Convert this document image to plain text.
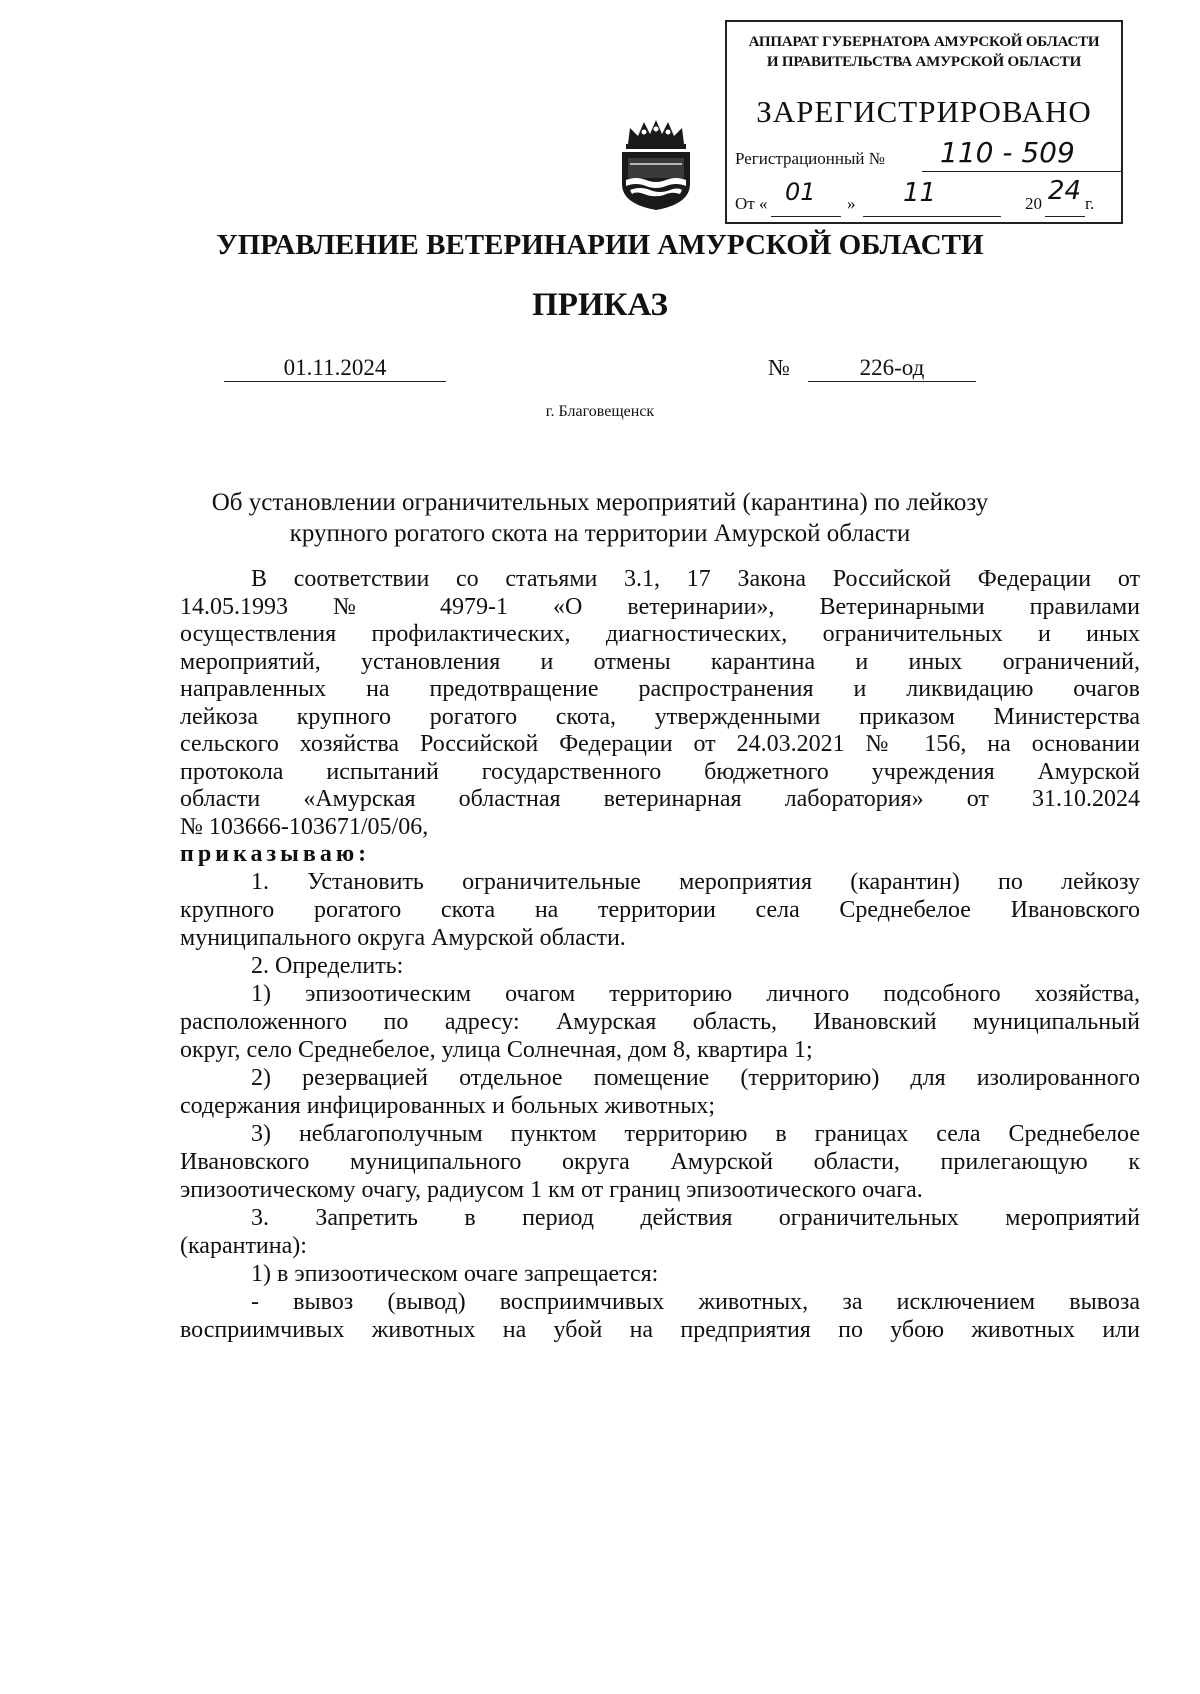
АППАРАТ ГУБЕРНАТОРА АМУРСКОЙ ОБЛАСТИ
И ПРАВИТЕЛЬСТВА АМУРСКОЙ ОБЛАСТИ
ЗАРЕГИСТРИРОВАНО
Регистрационный № 110 - 509
От « 01 » 11	20 24 г.
УПРАВЛЕНИЕ ВЕТЕРИНАРИИ АМУРСКОЙ ОБЛАСТИ
ПРИКАЗ
01.11.2024	№	226-од
г. Благовещенск
Об установлении ограничительных мероприятий (карантина) по лейкозу
крупного рогатого скота на территории Амурской области
В соответствии со статьями 3.1, 17 Закона Российской Федерации от
14.05.1993 № 4979-1 «О ветеринарии», Ветеринарными правилами
осуществления профилактических, диагностических, ограничительных и иных
мероприятий, установления и отмены карантина и иных ограничений,
направленных на предотвращение распространения и ликвидацию очагов
лейкоза крупного рогатого скота, утвержденными приказом Министерства
сельского хозяйства Российской Федерации от 24.03.2021 № 156, на основании
протокола испытаний государственного бюджетного учреждения Амурской
области «Амурская областная ветеринарная лаборатория» от 31.10.2024
№ 103666-103671/05/06,
приказываю:
1. Установить ограничительные мероприятия (карантин) по лейкозу
крупного рогатого скота на территории села Среднебелое Ивановского
муниципального округа Амурской области.
2. Определить:
1) эпизоотическим очагом территорию личного подсобного хозяйства,
расположенного по адресу: Амурская область, Ивановский муниципальный
округ, село Среднебелое, улица Солнечная, дом 8, квартира 1;
2) резервацией отдельное помещение (территорию) для изолированного
содержания инфицированных и больных животных;
3) неблагополучным пунктом территорию в границах села Среднебелое
Ивановского муниципального округа Амурской области, прилегающую к
эпизоотическому очагу, радиусом 1 км от границ эпизоотического очага.
3. Запретить в период действия ограничительных мероприятий
(карантина):
1) в эпизоотическом очаге запрещается:
- вывоз (вывод) восприимчивых животных, за исключением вывоза
восприимчивых животных на убой на предприятия по убою животных или
